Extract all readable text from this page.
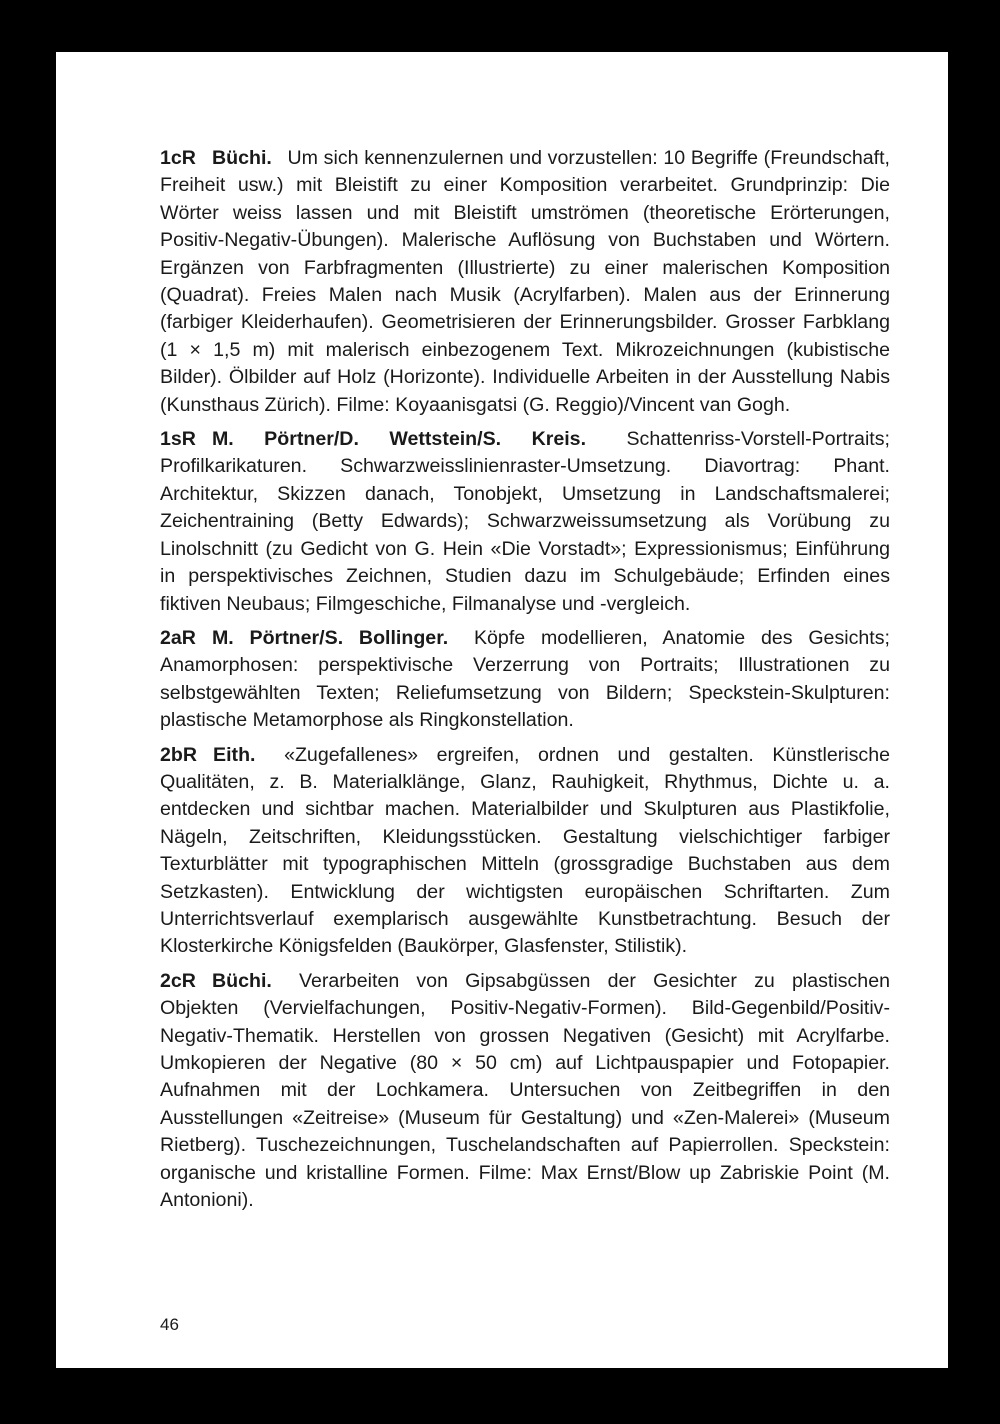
1cR Büchi. Um sich kennenzulernen und vorzustellen: 10 Begriffe (Freundschaft, Freiheit usw.) mit Bleistift zu einer Komposition verarbeitet. Grundprinzip: Die Wörter weiss lassen und mit Bleistift umströmen (theoretische Erörterungen, Positiv-Negativ-Übungen). Malerische Auflösung von Buchstaben und Wörtern. Ergänzen von Farbfragmenten (Illustrierte) zu einer malerischen Komposition (Quadrat). Freies Malen nach Musik (Acrylfarben). Malen aus der Erinnerung (farbiger Kleiderhaufen). Geometrisieren der Erinnerungsbilder. Grosser Farbklang (1 × 1,5 m) mit malerisch einbezogenem Text. Mikrozeichnungen (kubistische Bilder). Ölbilder auf Holz (Horizonte). Individuelle Arbeiten in der Ausstellung Nabis (Kunsthaus Zürich). Filme: Koyaanisgatsi (G. Reggio)/Vincent van Gogh.

1sR M. Pörtner/D. Wettstein/S. Kreis. Schattenriss-Vorstell-Portraits; Profilkarikaturen. Schwarzweisslinienraster-Umsetzung. Diavortrag: Phant. Architektur, Skizzen danach, Tonobjekt, Umsetzung in Landschaftsmalerei; Zeichentraining (Betty Edwards); Schwarzweissumsetzung als Vorübung zu Linolschnitt (zu Gedicht von G. Hein «Die Vorstadt»; Expressionismus; Einführung in perspektivisches Zeichnen, Studien dazu im Schulgebäude; Erfinden eines fiktiven Neubaus; Filmgeschiche, Filmanalyse und -vergleich.

2aR M. Pörtner/S. Bollinger. Köpfe modellieren, Anatomie des Gesichts; Anamorphosen: perspektivische Verzerrung von Portraits; Illustrationen zu selbstgewählten Texten; Reliefumsetzung von Bildern; Speckstein-Skulpturen: plastische Metamorphose als Ringkonstellation.

2bR Eith. «Zugefallenes» ergreifen, ordnen und gestalten. Künstlerische Qualitäten, z. B. Materialklänge, Glanz, Rauhigkeit, Rhythmus, Dichte u. a. entdecken und sichtbar machen. Materialbilder und Skulpturen aus Plastikfolie, Nägeln, Zeitschriften, Kleidungsstücken. Gestaltung vielschichtiger farbiger Texturblätter mit typographischen Mitteln (grossgradige Buchstaben aus dem Setzkasten). Entwicklung der wichtigsten europäischen Schriftarten. Zum Unterrichtsverlauf exemplarisch ausgewählte Kunstbetrachtung. Besuch der Klosterkirche Königsfelden (Baukörper, Glasfenster, Stilistik).

2cR Büchi. Verarbeiten von Gipsabgüssen der Gesichter zu plastischen Objekten (Vervielfachungen, Positiv-Negativ-Formen). Bild-Gegenbild/Positiv-Negativ-Thematik. Herstellen von grossen Negativen (Gesicht) mit Acrylfarbe. Umkopieren der Negative (80 × 50 cm) auf Lichtpauspapier und Fotopapier. Aufnahmen mit der Lochkamera. Untersuchen von Zeitbegriffen in den Ausstellungen «Zeitreise» (Museum für Gestaltung) und «Zen-Malerei» (Museum Rietberg). Tuschezeichnungen, Tuschelandschaften auf Papierrollen. Speckstein: organische und kristalline Formen. Filme: Max Ernst/Blow up Zabriskie Point (M. Antonioni).

46
